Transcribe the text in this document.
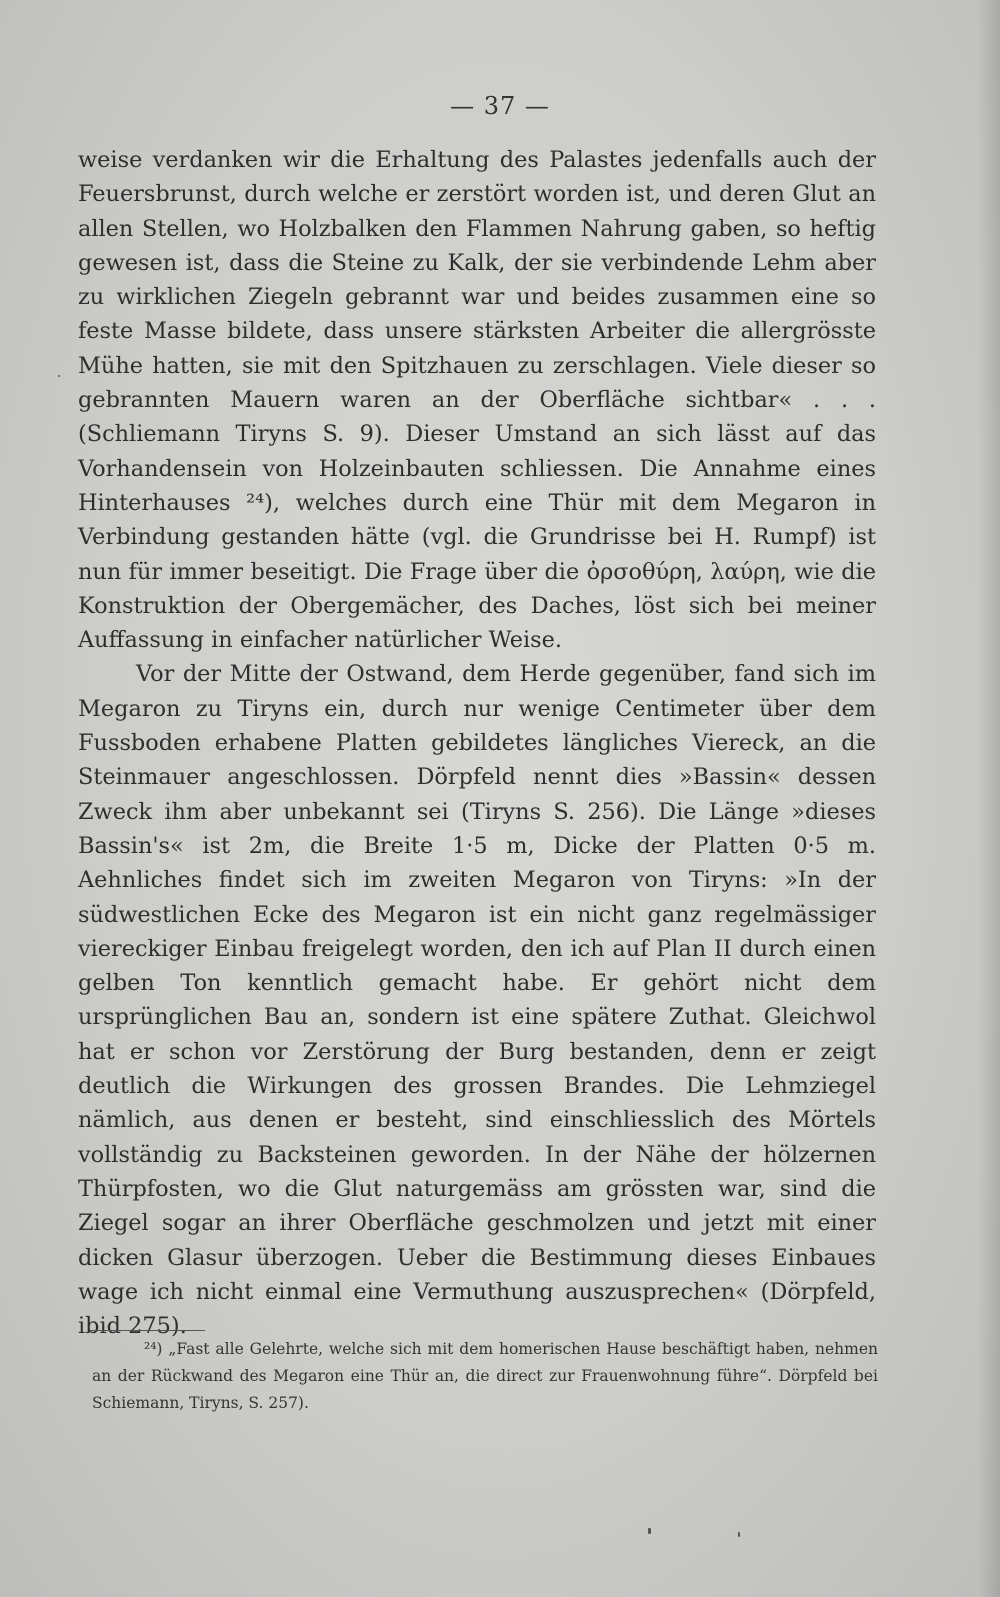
— 37 —

weise verdanken wir die Erhaltung des Palastes jedenfalls auch der Feuersbrunst, durch welche er zerstört worden ist, und deren Glut an allen Stellen, wo Holzbalken den Flammen Nahrung gaben, so heftig gewesen ist, dass die Steine zu Kalk, der sie verbindende Lehm aber zu wirklichen Ziegeln gebrannt war und beides zusammen eine so feste Masse bildete, dass unsere stärksten Arbeiter die allergrösste Mühe hatten, sie mit den Spitzhauen zu zerschlagen. Viele dieser so gebrannten Mauern waren an der Oberfläche sichtbar« . . . (Schliemann Tiryns S. 9). Dieser Umstand an sich lässt auf das Vorhandensein von Holzeinbauten schliessen. Die Annahme eines Hinterhauses ²⁴), welches durch eine Thür mit dem Megaron in Verbindung gestanden hätte (vgl. die Grundrisse bei H. Rumpf) ist nun für immer beseitigt. Die Frage über die ὀρσοθύρη, λαύρη, wie die Konstruktion der Obergemächer, des Daches, löst sich bei meiner Auffassung in einfacher natürlicher Weise.

Vor der Mitte der Ostwand, dem Herde gegenüber, fand sich im Megaron zu Tiryns ein, durch nur wenige Centimeter über dem Fussboden erhabene Platten gebildetes längliches Viereck, an die Steinmauer angeschlossen. Dörpfeld nennt dies »Bassin« dessen Zweck ihm aber unbekannt sei (Tiryns S. 256). Die Länge »dieses Bassin's« ist 2m, die Breite 1·5 m, Dicke der Platten 0·5 m. Aehnliches findet sich im zweiten Megaron von Tiryns: »In der südwestlichen Ecke des Megaron ist ein nicht ganz regelmässiger viereckiger Einbau freigelegt worden, den ich auf Plan II durch einen gelben Ton kenntlich gemacht habe. Er gehört nicht dem ursprünglichen Bau an, sondern ist eine spätere Zuthat. Gleichwol hat er schon vor Zerstörung der Burg bestanden, denn er zeigt deutlich die Wirkungen des grossen Brandes. Die Lehmziegel nämlich, aus denen er besteht, sind einschliesslich des Mörtels vollständig zu Backsteinen geworden. In der Nähe der hölzernen Thürpfosten, wo die Glut naturgemäss am grössten war, sind die Ziegel sogar an ihrer Oberfläche geschmolzen und jetzt mit einer dicken Glasur überzogen. Ueber die Bestimmung dieses Einbaues wage ich nicht einmal eine Vermuthung auszusprechen« (Dörpfeld, ibid 275).

²⁴) „Fast alle Gelehrte, welche sich mit dem homerischen Hause beschäftigt haben, nehmen an der Rückwand des Megaron eine Thür an, die direct zur Frauenwohnung führe“. Dörpfeld bei Schiemann, Tiryns, S. 257).
